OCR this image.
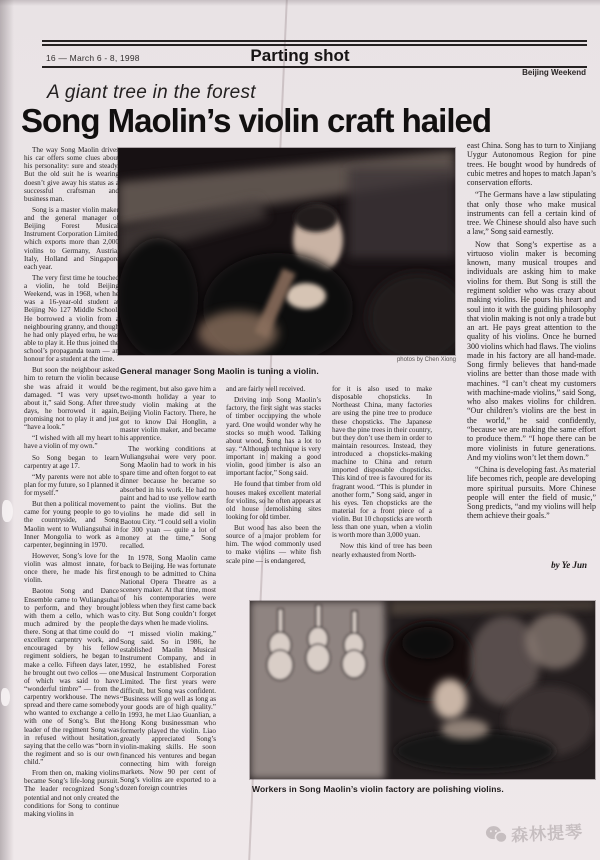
16 — March 6 - 8, 1998	Parting shot
Beijing Weekend
A giant tree in the forest
Song Maolin’s violin craft hailed
photos by Chen Xiong
General manager Song Maolin is tuning a violin.
Workers in Song Maolin’s violin factory are polishing violins.

The way Song Maolin drives his car offers some clues about his personality: sure and steady. But the old suit he is wearing doesn’t give away his status as a successful craftsman and business man.

Song is a master violin maker and the general manager of Beijing Forest Musical Instrument Corporation Limited, which exports more than 2,000 violins to Germany, Austria, Italy, Holland and Singapore each year.

The very first time he touched a violin, he told Beijing Weekend, was in 1968, when he was a 16-year-old student at Beijing No 127 Middle School. He borrowed a violin from a neighbouring granny, and though he had only played erhu, he was able to play it. He thus joined the school’s propaganda team — an honour for a student at the time.

But soon the neighbour asked him to return the violin because she was afraid it would be damaged. “I was very upset about it,” said Song. After three days, he borrowed it again, promising not to play it and just “have a look.”

“I wished with all my heart to have a violin of my own.”

So Song began to learn carpentry at age 17.

“My parents were not able to plan for my future, so I planned it for myself.”

But then a political movement came for young people to go to the countryside, and Song Maolin went to Wuliangsuhai in Inner Mongolia to work as a carpenter, beginning in 1970.

However, Song’s love for the violin was almost innate, for once there, he made his first violin.

Baotou Song and Dance Ensemble came to Wuliangsuhai to perform, and they brought with them a cello, which was much admired by the people there. Song at that time could do excellent carpentry work, and encouraged by his fellow regiment soldiers, he began to make a cello. Fifteen days later, he brought out two cellos — one of which was said to have “wonderful timbre” — from the carpentry workhouse. The news spread and there came somebody who wanted to exchange a cello with one of Song’s. But the leader of the regiment Song was in refused without hesitation, saying that the cello was “born in the regiment and so is our own child.”

From then on, making violins became Song’s life-long pursuit. The leader recognized Song’s potential and not only created the conditions for Song to continue making violins in

the regiment, but also gave him a two-month holiday a year to study violin making at the Beijing Violin Factory. There, he got to know Dai Honglin, a master violin maker, and became his apprentice.

The working conditions at Wuliangsuhai were very poor. Song Maolin had to work in his spare time and often forgot to eat dinner because he became so absorbed in his work. He had no paint and had to use yellow earth to paint the violins. But the violins he made did sell in Baotou City. “I could sell a violin for 300 yuan — quite a lot of money at the time,” Song recalled.

In 1978, Song Maolin came back to Beijing. He was fortunate enough to be admitted to China National Opera Theatre as a scenery maker. At that time, most of his contemporaries were jobless when they first came back to city. But Song couldn’t forget the days when he made violins.

“I missed violin making,” Song said. So in 1986, he established Maolin Musical Instrument Company, and in 1992, he established Forest Musical Instrument Corporation Limited. The first years were difficult, but Song was confident. “Business will go well as long as your goods are of high quality.” In 1993, he met Liao Guanlian, a Hong Kong businessman who formerly played the violin. Liao greatly appreciated Song’s violin-making skills. He soon financed his ventures and began connecting him with foreign markets. Now 90 per cent of Song’s violins are exported to a dozen foreign countries

and are fairly well received.

Driving into Song Maolin’s factory, the first sight was stacks of timber occupying the whole yard. One would wonder why he stocks so much wood. Talking about wood, Song has a lot to say. “Although technique is very important in making a good violin, good timber is also an important factor,” Song said.

He found that timber from old houses makes excellent material for violins, so he often appears at old house demolishing sites looking for old timber.

But wood has also been the source of a major problem for him. The wood commonly used to make violins — white fish scale pine — is endangered,

for it is also used to make disposable chopsticks. In Northeast China, many factories are using the pine tree to produce these chopsticks. The Japanese have the pine trees in their country, but they don’t use them in order to maintain resources. Instead, they introduced a chopsticks-making machine to China and return imported disposable chopsticks. This kind of tree is favoured for its fragrant wood. “This is plunder in another form,” Song said, anger in his eyes. Ten chopsticks are the material for a front piece of a violin. But 10 chopsticks are worth less than one yuan, when a violin is worth more than 3,000 yuan.

Now this kind of tree has been nearly exhausted from North-

east China. Song has to turn to Xinjiang Uygur Autonomous Region for pine trees. He bought wood by hundreds of cubic metres and hopes to match Japan’s conservation efforts.

“The Germans have a law stipulating that only those who make musical instruments can fell a certain kind of tree. We Chinese should also have such a law,” Song said earnestly.

Now that Song’s expertise as a virtuoso violin maker is becoming known, many musical troupes and individuals are asking him to make violins for them. But Song is still the regiment soldier who was crazy about making violins. He pours his heart and soul into it with the guiding philosophy that violin making is not only a trade but an art. He pays great attention to the quality of his violins. Once he burned 300 violins which had flaws. The violins made in his factory are all hand-made. Song firmly believes that hand-made violins are better than those made with machines. “I can’t cheat my customers with machine-made violins,” said Song, who also makes violins for children. “Our children’s violins are the best in the world,” he said confidently, “because we are making the same effort to produce them.” “I hope there can be more violinists in future generations. And my violins won’t let them down.”

“China is developing fast. As material life becomes rich, people are developing more spiritual pursuits. More Chinese people will enter the field of music,” Song predicts, “and my violins will help them achieve their goals.”

by Ye Jun
森林提琴
